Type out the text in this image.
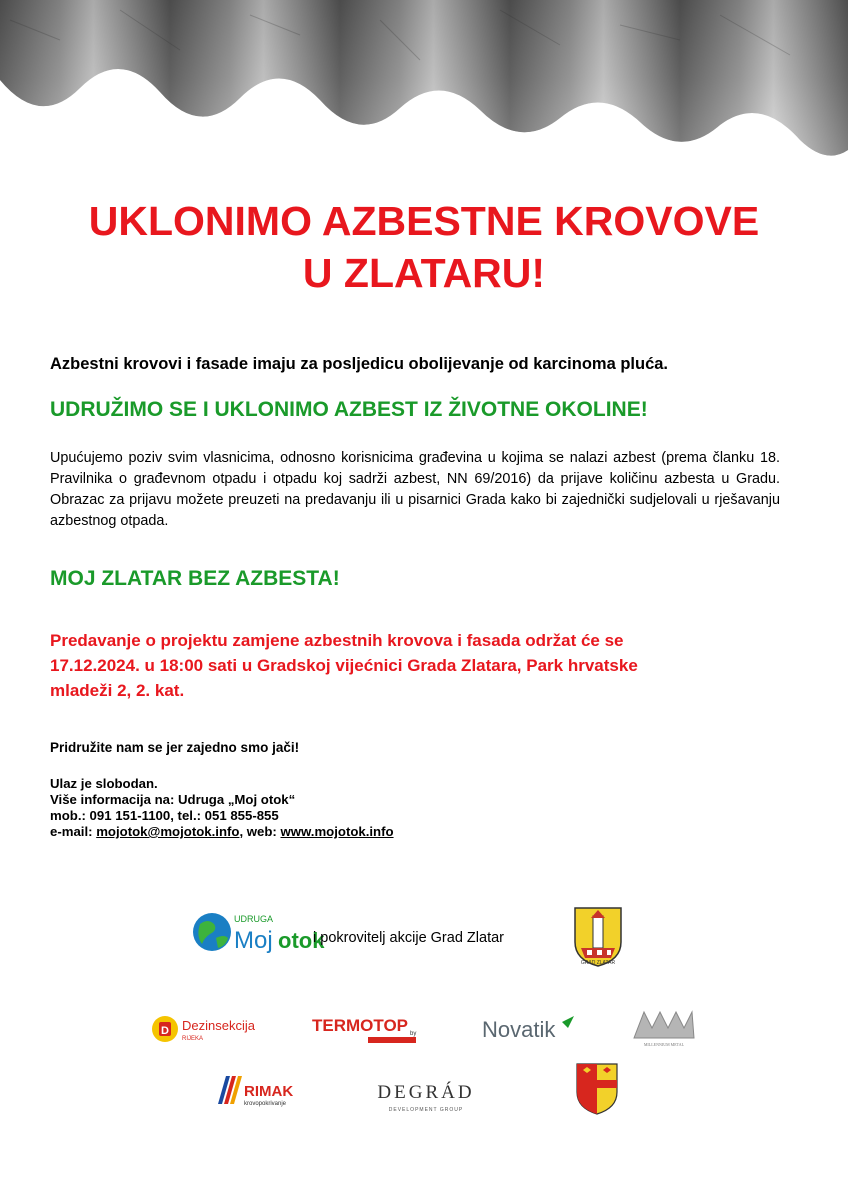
UKLONIMO AZBESTNE KROVOVE
U ZLATARU!
Azbestni krovovi i fasade imaju za posljedicu obolijevanje od karcinoma pluća.
UDRUŽIMO SE I UKLONIMO AZBEST IZ ŽIVOTNE OKOLINE!
Upućujemo poziv svim vlasnicima, odnosno korisnicima građevina u kojima se nalazi azbest (prema članku 18. Pravilnika o građevnom otpadu i otpadu koj sadrži azbest, NN 69/2016) da prijave količinu azbesta u Gradu. Obrazac za prijavu možete preuzeti na predavanju ili u pisarnici Grada kako bi zajednički sudjelovali u rješavanju azbestnog otpada.
MOJ ZLATAR BEZ AZBESTA!
Predavanje o projektu zamjene azbestnih krovova i fasada održat će se
17.12.2024. u 18:00 sati u Gradskoj vijećnici Grada Zlatara, Park hrvatske
mladeži 2, 2. kat.
Pridružite nam se jer zajedno smo jači!
Ulaz je slobodan.
Više informacija na: Udruga „Moj otok“
mob.: 091 151-1100, tel.: 051 855-855
e-mail: mojotok@mojotok.info, web: www.mojotok.info
UDRUGA
Moj otok
i pokrovitelj akcije Grad Zlatar
GRAD ZLATAR
D Dezinsekcija
RIJEKA
TERMOTOP by	Novatik
MILLENNIUM METAL
RIMAK
krovopokrivanje
DEGRÁD
DEVELOPMENT GROUP
